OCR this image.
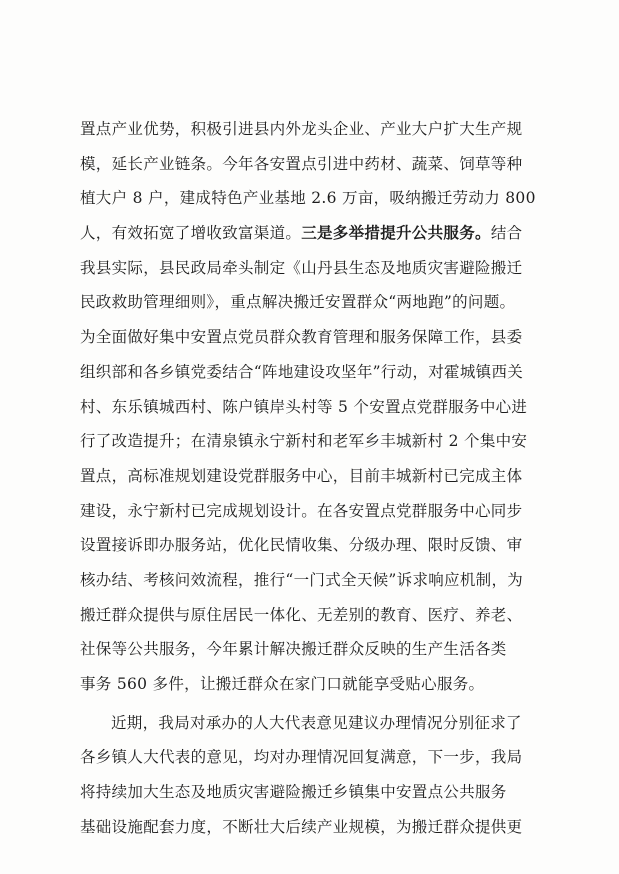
置点产业优势，积极引进县内外龙头企业、产业大户扩大生产规
模，延长产业链条。今年各安置点引进中药材、蔬菜、饲草等种
植大户 8 户，建成特色产业基地 2.6 万亩，吸纳搬迁劳动力 800
人，有效拓宽了增收致富渠道。三是多举措提升公共服务。结合
我县实际，县民政局牵头制定《山丹县生态及地质灾害避险搬迁
民政救助管理细则》，重点解决搬迁安置群众“两地跑”的问题。
为全面做好集中安置点党员群众教育管理和服务保障工作，县委
组织部和各乡镇党委结合“阵地建设攻坚年”行动，对霍城镇西关
村、东乐镇城西村、陈户镇岸头村等 5 个安置点党群服务中心进
行了改造提升；在清泉镇永宁新村和老军乡丰城新村 2 个集中安
置点，高标准规划建设党群服务中心，目前丰城新村已完成主体
建设，永宁新村已完成规划设计。在各安置点党群服务中心同步
设置接诉即办服务站，优化民情收集、分级办理、限时反馈、审
核办结、考核问效流程，推行“一门式全天候”诉求响应机制，为
搬迁群众提供与原住居民一体化、无差别的教育、医疗、养老、
社保等公共服务，今年累计解决搬迁群众反映的生产生活各类
事务 560 多件，让搬迁群众在家门口就能享受贴心服务。
近期，我局对承办的人大代表意见建议办理情况分别征求了
各乡镇人大代表的意见，均对办理情况回复满意，下一步，我局
将持续加大生态及地质灾害避险搬迁乡镇集中安置点公共服务
基础设施配套力度，不断壮大后续产业规模，为搬迁群众提供更
